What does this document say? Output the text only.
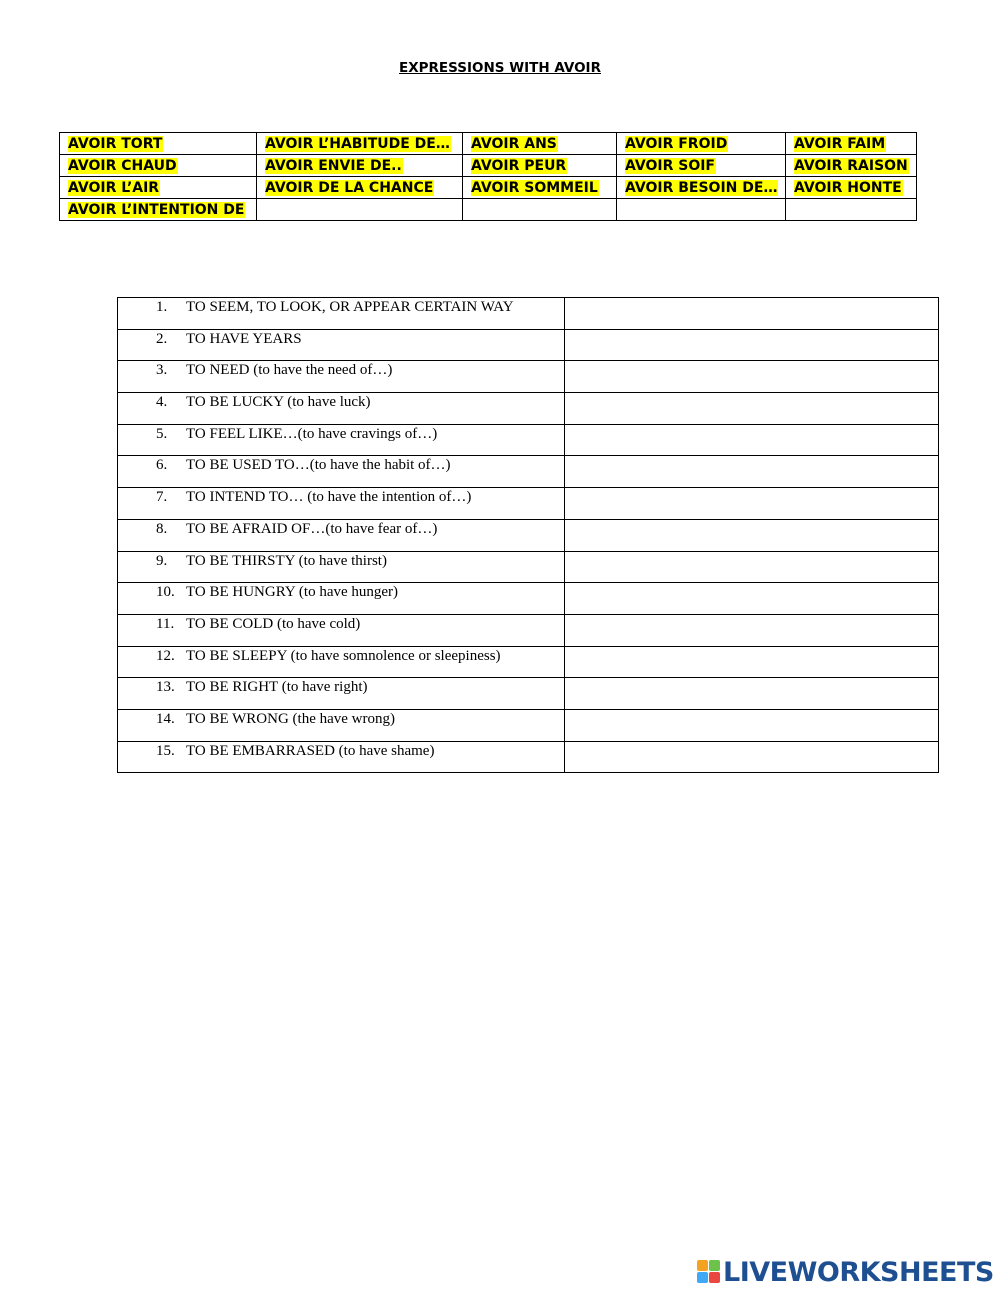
EXPRESSIONS WITH AVOIR
AVOIR TORT	AVOIR L’HABITUDE DE…	AVOIR ANS	AVOIR FROID	AVOIR FAIM
AVOIR CHAUD	AVOIR ENVIE DE..	AVOIR PEUR	AVOIR SOIF	AVOIR RAISON
AVOIR L’AIR	AVOIR DE LA CHANCE	AVOIR SOMMEIL	AVOIR BESOIN DE…	AVOIR HONTE
AVOIR L’INTENTION DE				
1. TO SEEM, TO LOOK, OR APPEAR CERTAIN WAY

2. TO HAVE YEARS

3. TO NEED (to have the need of…)

4. TO BE LUCKY (to have luck)

5. TO FEEL LIKE…(to have cravings of…)

6. TO BE USED TO…(to have the habit of…)

7. TO INTEND TO… (to have the intention of…)

8. TO BE AFRAID OF…(to have fear of…)

9. TO BE THIRSTY (to have thirst)

10. TO BE HUNGRY (to have hunger)

11. TO BE COLD (to have cold)

12. TO BE SLEEPY (to have somnolence or sleepiness)

13. TO BE RIGHT (to have right)

14. TO BE WRONG (the have wrong)

15. TO BE EMBARRASED (to have shame)

LIVEWORKSHEETS
